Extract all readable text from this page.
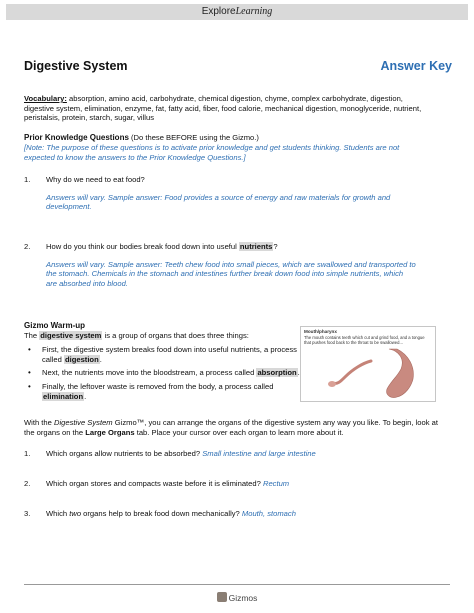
ExploreLearning
Digestive System	Answer Key
Vocabulary: absorption, amino acid, carbohydrate, chemical digestion, chyme, complex carbohydrate, digestion, digestive system, elimination, enzyme, fat, fatty acid, fiber, food calorie, mechanical digestion, monoglyceride, nutrient, peristalsis, protein, starch, sugar, villus
Prior Knowledge Questions (Do these BEFORE using the Gizmo.)
[Note: The purpose of these questions is to activate prior knowledge and get students thinking. Students are not expected to know the answers to the Prior Knowledge Questions.]
1.	Why do we need to eat food?
Answers will vary. Sample answer: Food provides a source of energy and raw materials for growth and development.
2.	How do you think our bodies break food down into useful nutrients?
Answers will vary. Sample answer: Teeth chew food into small pieces, which are swallowed and transported to the stomach. Chemicals in the stomach and intestines further break down food into simple nutrients, which are absorbed into blood.
Gizmo Warm-up
The digestive system is a group of organs that does three things:
•	First, the digestive system breaks food down into useful nutrients, a process called digestion.
•	Next, the nutrients move into the bloodstream, a process called absorption.
•	Finally, the leftover waste is removed from the body, a process called elimination.
With the Digestive System Gizmo™, you can arrange the organs of the digestive system any way you like. To begin, look at the organs on the Large Organs tab. Place your cursor over each organ to learn more about it.
1.	Which organs allow nutrients to be absorbed? Small intestine and large intestine
2.	Which organ stores and compacts waste before it is eliminated? Rectum
3.	Which two organs help to break food down mechanically? Mouth, stomach
Mouth/pharynx
The mouth contains teeth which cut and grind food, and a tongue that pushes food back to the throat to be swallowed...
Gizmos
